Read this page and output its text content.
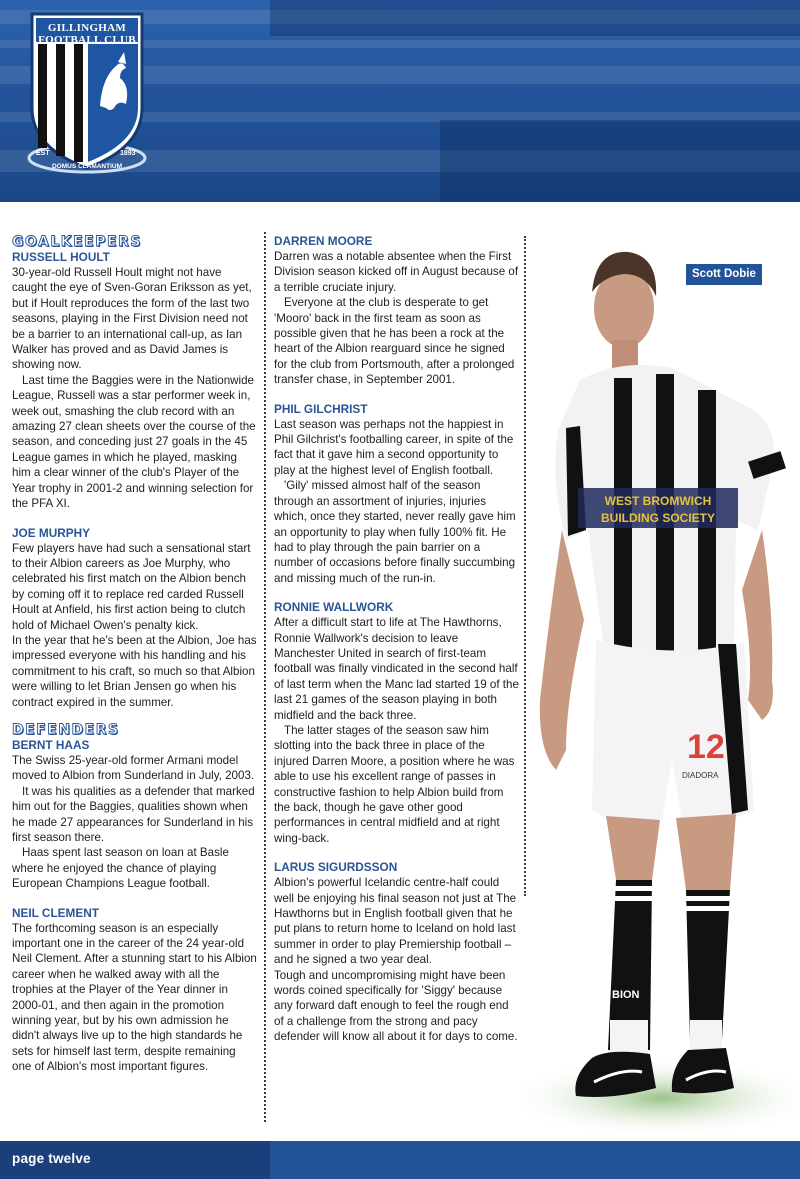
GILLINGHAM
FOOTBALL CLUB
EST	1893
DOMUS CLAMANTIUM

GOALKEEPERS

RUSSELL HOULT

30-year-old Russell Hoult might not have caught the eye of Sven-Goran Eriksson as yet, but if Hoult reproduces the form of the last two seasons, playing in the First Division need not be a barrier to an international call-up, as Ian Walker has proved and as David James is showing now.

Last time the Baggies were in the Nationwide League, Russell was a star performer week in, week out, smashing the club record with an amazing 27 clean sheets over the course of the season, and conceding just 27 goals in the 45 League games in which he played, masking him a clear winner of the club's Player of the Year trophy in 2001-2 and winning selection for the PFA XI.

JOE MURPHY

Few players have had such a sensational start to their Albion careers as Joe Murphy, who celebrated his first match on the Albion bench by coming off it to replace red carded Russell Hoult at Anfield, his first action being to clutch hold of Michael Owen's penalty kick.

In the year that he's been at the Albion, Joe has impressed everyone with his handling and his commitment to his craft, so much so that Albion were willing to let Brian Jensen go when his contract expired in the summer.

DEFENDERS

BERNT HAAS

The Swiss 25-year-old former Armani model moved to Albion from Sunderland in July, 2003.

It was his qualities as a defender that marked him out for the Baggies, qualities shown when he made 27 appearances for Sunderland in his first season there.

Haas spent last season on loan at Basle where he enjoyed the chance of playing European Champions League football.

NEIL CLEMENT

The forthcoming season is an especially important one in the career of the 24 year-old Neil Clement. After a stunning start to his Albion career when he walked away with all the trophies at the Player of the Year dinner in 2000-01, and then again in the promotion winning year, but by his own admission he didn't always live up to the high standards he sets for himself last term, despite remaining one of Albion's most important figures.

DARREN MOORE

Darren was a notable absentee when the First Division season kicked off in August because of a terrible cruciate injury.

Everyone at the club is desperate to get 'Mooro' back in the first team as soon as possible given that he has been a rock at the heart of the Albion rearguard since he signed for the club from Portsmouth, after a prolonged transfer chase, in September 2001.

PHIL GILCHRIST

Last season was perhaps not the happiest in Phil Gilchrist's footballing career, in spite of the fact that it gave him a second opportunity to play at the highest level of English football.

'Gily' missed almost half of the season through an assortment of injuries, injuries which, once they started, never really gave him an opportunity to play when fully 100% fit. He had to play through the pain barrier on a number of occasions before finally succumbing and missing much of the run-in.

RONNIE WALLWORK

After a difficult start to life at The Hawthorns, Ronnie Wallwork's decision to leave Manchester United in search of first-team football was finally vindicated in the second half of last term when the Manc lad started 19 of the last 21 games of the season playing in both midfield and the back three.

The latter stages of the season saw him slotting into the back three in place of the injured Darren Moore, a position where he was able to use his excellent range of passes in constructive fashion to help Albion build from the back, though he gave other good performances in central midfield and at right wing-back.

LARUS SIGURDSSON

Albion's powerful Icelandic centre-half could well be enjoying his final season not just at The Hawthorns but in English football given that he put plans to return home to Iceland on hold last summer in order to play Premiership football – and he signed a two year deal.

Tough and uncompromising might have been words coined specifically for 'Siggy' because any forward daft enough to feel the rough end of a challenge from the strong and pacy defender will know all about it for days to come.

WEST BROMWICH
BUILDING SOCIETY
12
DIADORA
BION
Scott Dobie
page twelve
